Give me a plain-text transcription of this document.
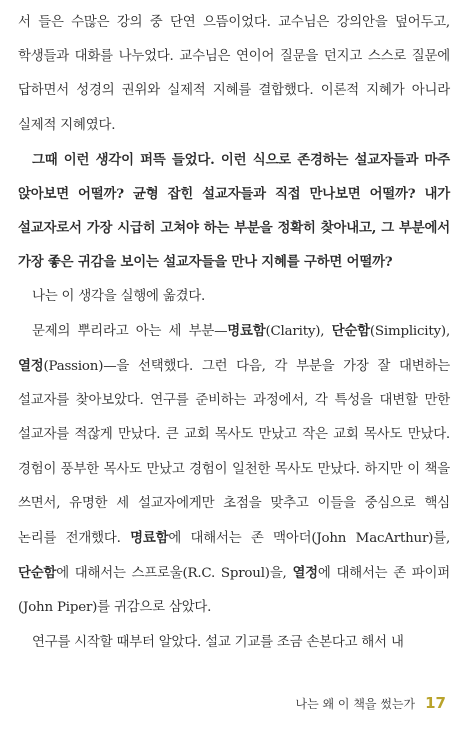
서 들은 수많은 강의 중 단연 으뜸이었다. 교수님은 강의안을 덮어두고, 학생들과 대화를 나누었다. 교수님은 연이어 질문을 던지고 스스로 질문에 답하면서 성경의 권위와 실제적 지혜를 결합했다. 이론적 지혜가 아니라 실제적 지혜였다.

그때 이런 생각이 퍼뜩 들었다. 이런 식으로 존경하는 설교자들과 마주 앉아보면 어떨까? 균형 잡힌 설교자들과 직접 만나보면 어떨까? 내가 설교자로서 가장 시급히 고쳐야 하는 부분을 정확히 찾아내고, 그 부분에서 가장 좋은 귀감을 보이는 설교자들을 만나 지혜를 구하면 어떨까?

나는 이 생각을 실행에 옮겼다.

문제의 뿌리라고 아는 세 부분—명료함(Clarity), 단순함(Simplicity), 열정(Passion)—을 선택했다. 그런 다음, 각 부분을 가장 잘 대변하는 설교자를 찾아보았다. 연구를 준비하는 과정에서, 각 특성을 대변할 만한 설교자를 적잖게 만났다. 큰 교회 목사도 만났고 작은 교회 목사도 만났다. 경험이 풍부한 목사도 만났고 경험이 일천한 목사도 만났다. 하지만 이 책을 쓰면서, 유명한 세 설교자에게만 초점을 맞추고 이들을 중심으로 핵심 논리를 전개했다. 명료함에 대해서는 존 맥아더(John MacArthur)를, 단순함에 대해서는 스프로울(R.C. Sproul)을, 열정에 대해서는 존 파이퍼(John Piper)를 귀감으로 삼았다.

연구를 시작할 때부터 알았다. 설교 기교를 조금 손본다고 해서 내

나는 왜 이 책을 썼는가 17
